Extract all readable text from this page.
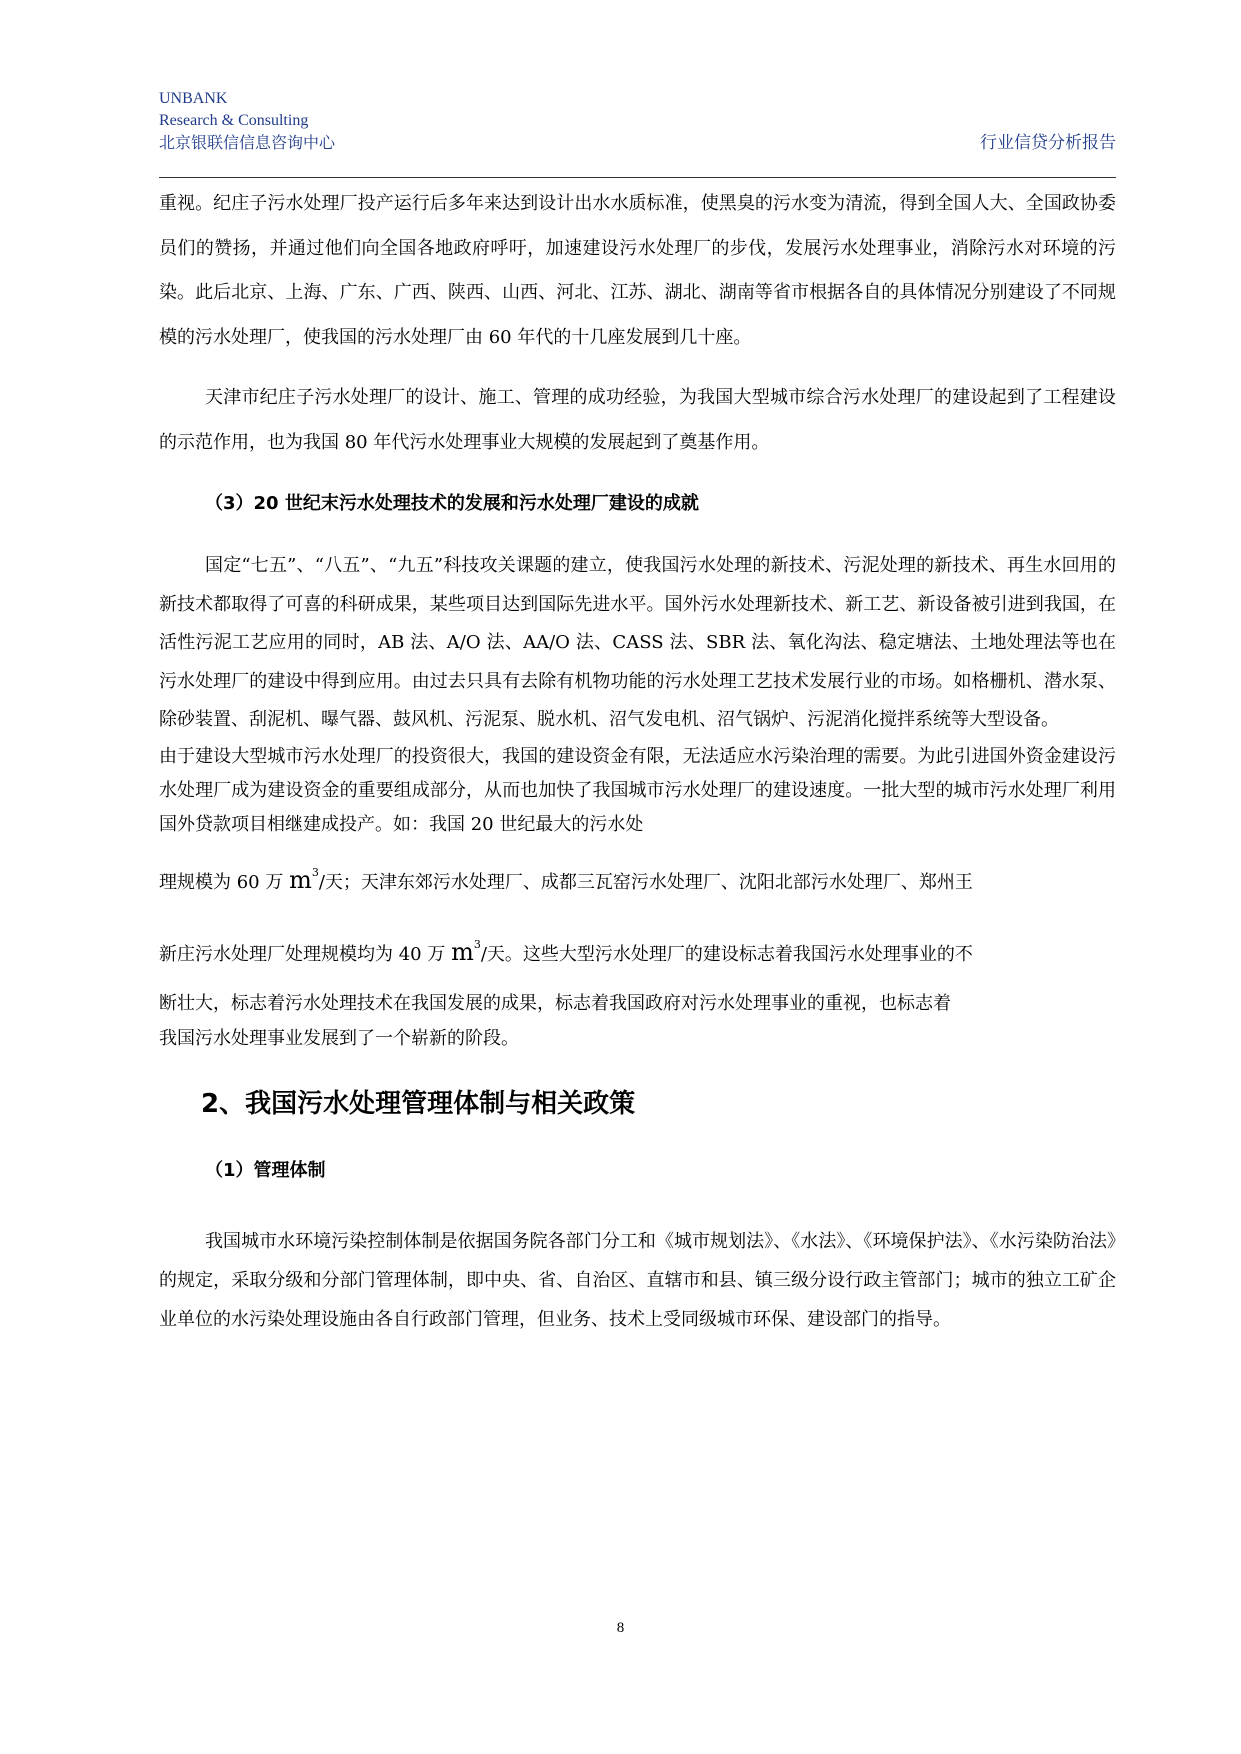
UNBANK
Research & Consulting
北京银联信信息咨询中心	行业信贷分析报告

重视。纪庄子污水处理厂投产运行后多年来达到设计出水水质标准，使黑臭的污水变为清流，得到全国人大、全国政协委员们的赞扬，并通过他们向全国各地政府呼吁，加速建设污水处理厂的步伐，发展污水处理事业，消除污水对环境的污染。此后北京、上海、广东、广西、陕西、山西、河北、江苏、湖北、湖南等省市根据各自的具体情况分别建设了不同规模的污水处理厂，使我国的污水处理厂由 60 年代的十几座发展到几十座。

天津市纪庄子污水处理厂的设计、施工、管理的成功经验，为我国大型城市综合污水处理厂的建设起到了工程建设的示范作用，也为我国 80 年代污水处理事业大规模的发展起到了奠基作用。

（3）20 世纪末污水处理技术的发展和污水处理厂建设的成就

国定“七五”、“八五”、“九五”科技攻关课题的建立，使我国污水处理的新技术、污泥处理的新技术、再生水回用的新技术都取得了可喜的科研成果，某些项目达到国际先进水平。国外污水处理新技术、新工艺、新设备被引进到我国，在活性污泥工艺应用的同时，AB 法、A/O 法、AA/O 法、CASS 法、SBR 法、氧化沟法、稳定塘法、土地处理法等也在污水处理厂的建设中得到应用。由过去只具有去除有机物功能的污水处理工艺技术发展行业的市场。如格栅机、潜水泵、除砂装置、刮泥机、曝气器、鼓风机、污泥泵、脱水机、沼气发电机、沼气锅炉、污泥消化搅拌系统等大型设备。

由于建设大型城市污水处理厂的投资很大，我国的建设资金有限，无法适应水污染治理的需要。为此引进国外资金建设污水处理厂成为建设资金的重要组成部分，从而也加快了我国城市污水处理厂的建设速度。一批大型的城市污水处理厂利用国外贷款项目相继建成投产。如：我国 20 世纪最大的污水处

理规模为 60 万 $m^3/$天；天津东郊污水处理厂、成都三瓦窑污水处理厂、沈阳北部污水处理厂、郑州王

新庄污水处理厂处理规模均为 40 万 $m^3/$天。这些大型污水处理厂的建设标志着我国污水处理事业的不

断壮大，标志着污水处理技术在我国发展的成果，标志着我国政府对污水处理事业的重视，也标志着

我国污水处理事业发展到了一个崭新的阶段。

2、我国污水处理管理体制与相关政策

（1）管理体制

我国城市水环境污染控制体制是依据国务院各部门分工和《城市规划法》、《水法》、《环境保护法》、《水污染防治法》的规定，采取分级和分部门管理体制，即中央、省、自治区、直辖市和县、镇三级分设行政主管部门；城市的独立工矿企业单位的水污染处理设施由各自行政部门管理，但业务、技术上受同级城市环保、建设部门的指导。

8
